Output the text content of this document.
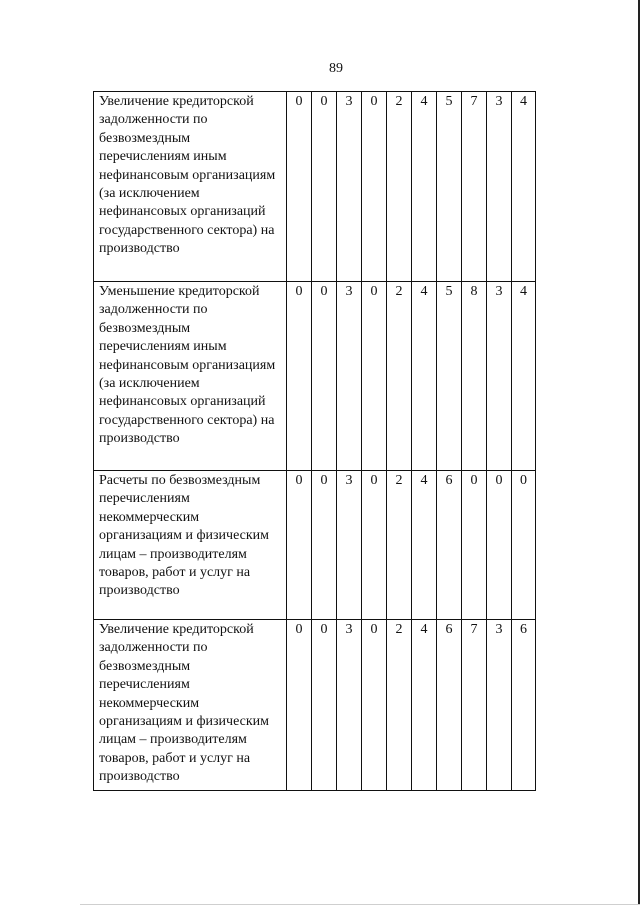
89
Увеличение кредиторской задолженности по безвозмездным перечислениям иным нефинансовым организациям (за исключением нефинансовых организаций государственного сектора) на производство	0	0	3	0	2	4	5	7	3	4
Уменьшение кредиторской задолженности по безвозмездным перечислениям иным нефинансовым организациям (за исключением нефинансовых организаций государственного сектора) на производство	0	0	3	0	2	4	5	8	3	4
Расчеты по безвозмездным перечислениям некоммерческим организациям и физическим лицам – производителям товаров, работ и услуг на производство	0	0	3	0	2	4	6	0	0	0
Увеличение кредиторской задолженности по безвозмездным перечислениям некоммерческим организациям и физическим лицам – производителям товаров, работ и услуг на производство	0	0	3	0	2	4	6	7	3	6
